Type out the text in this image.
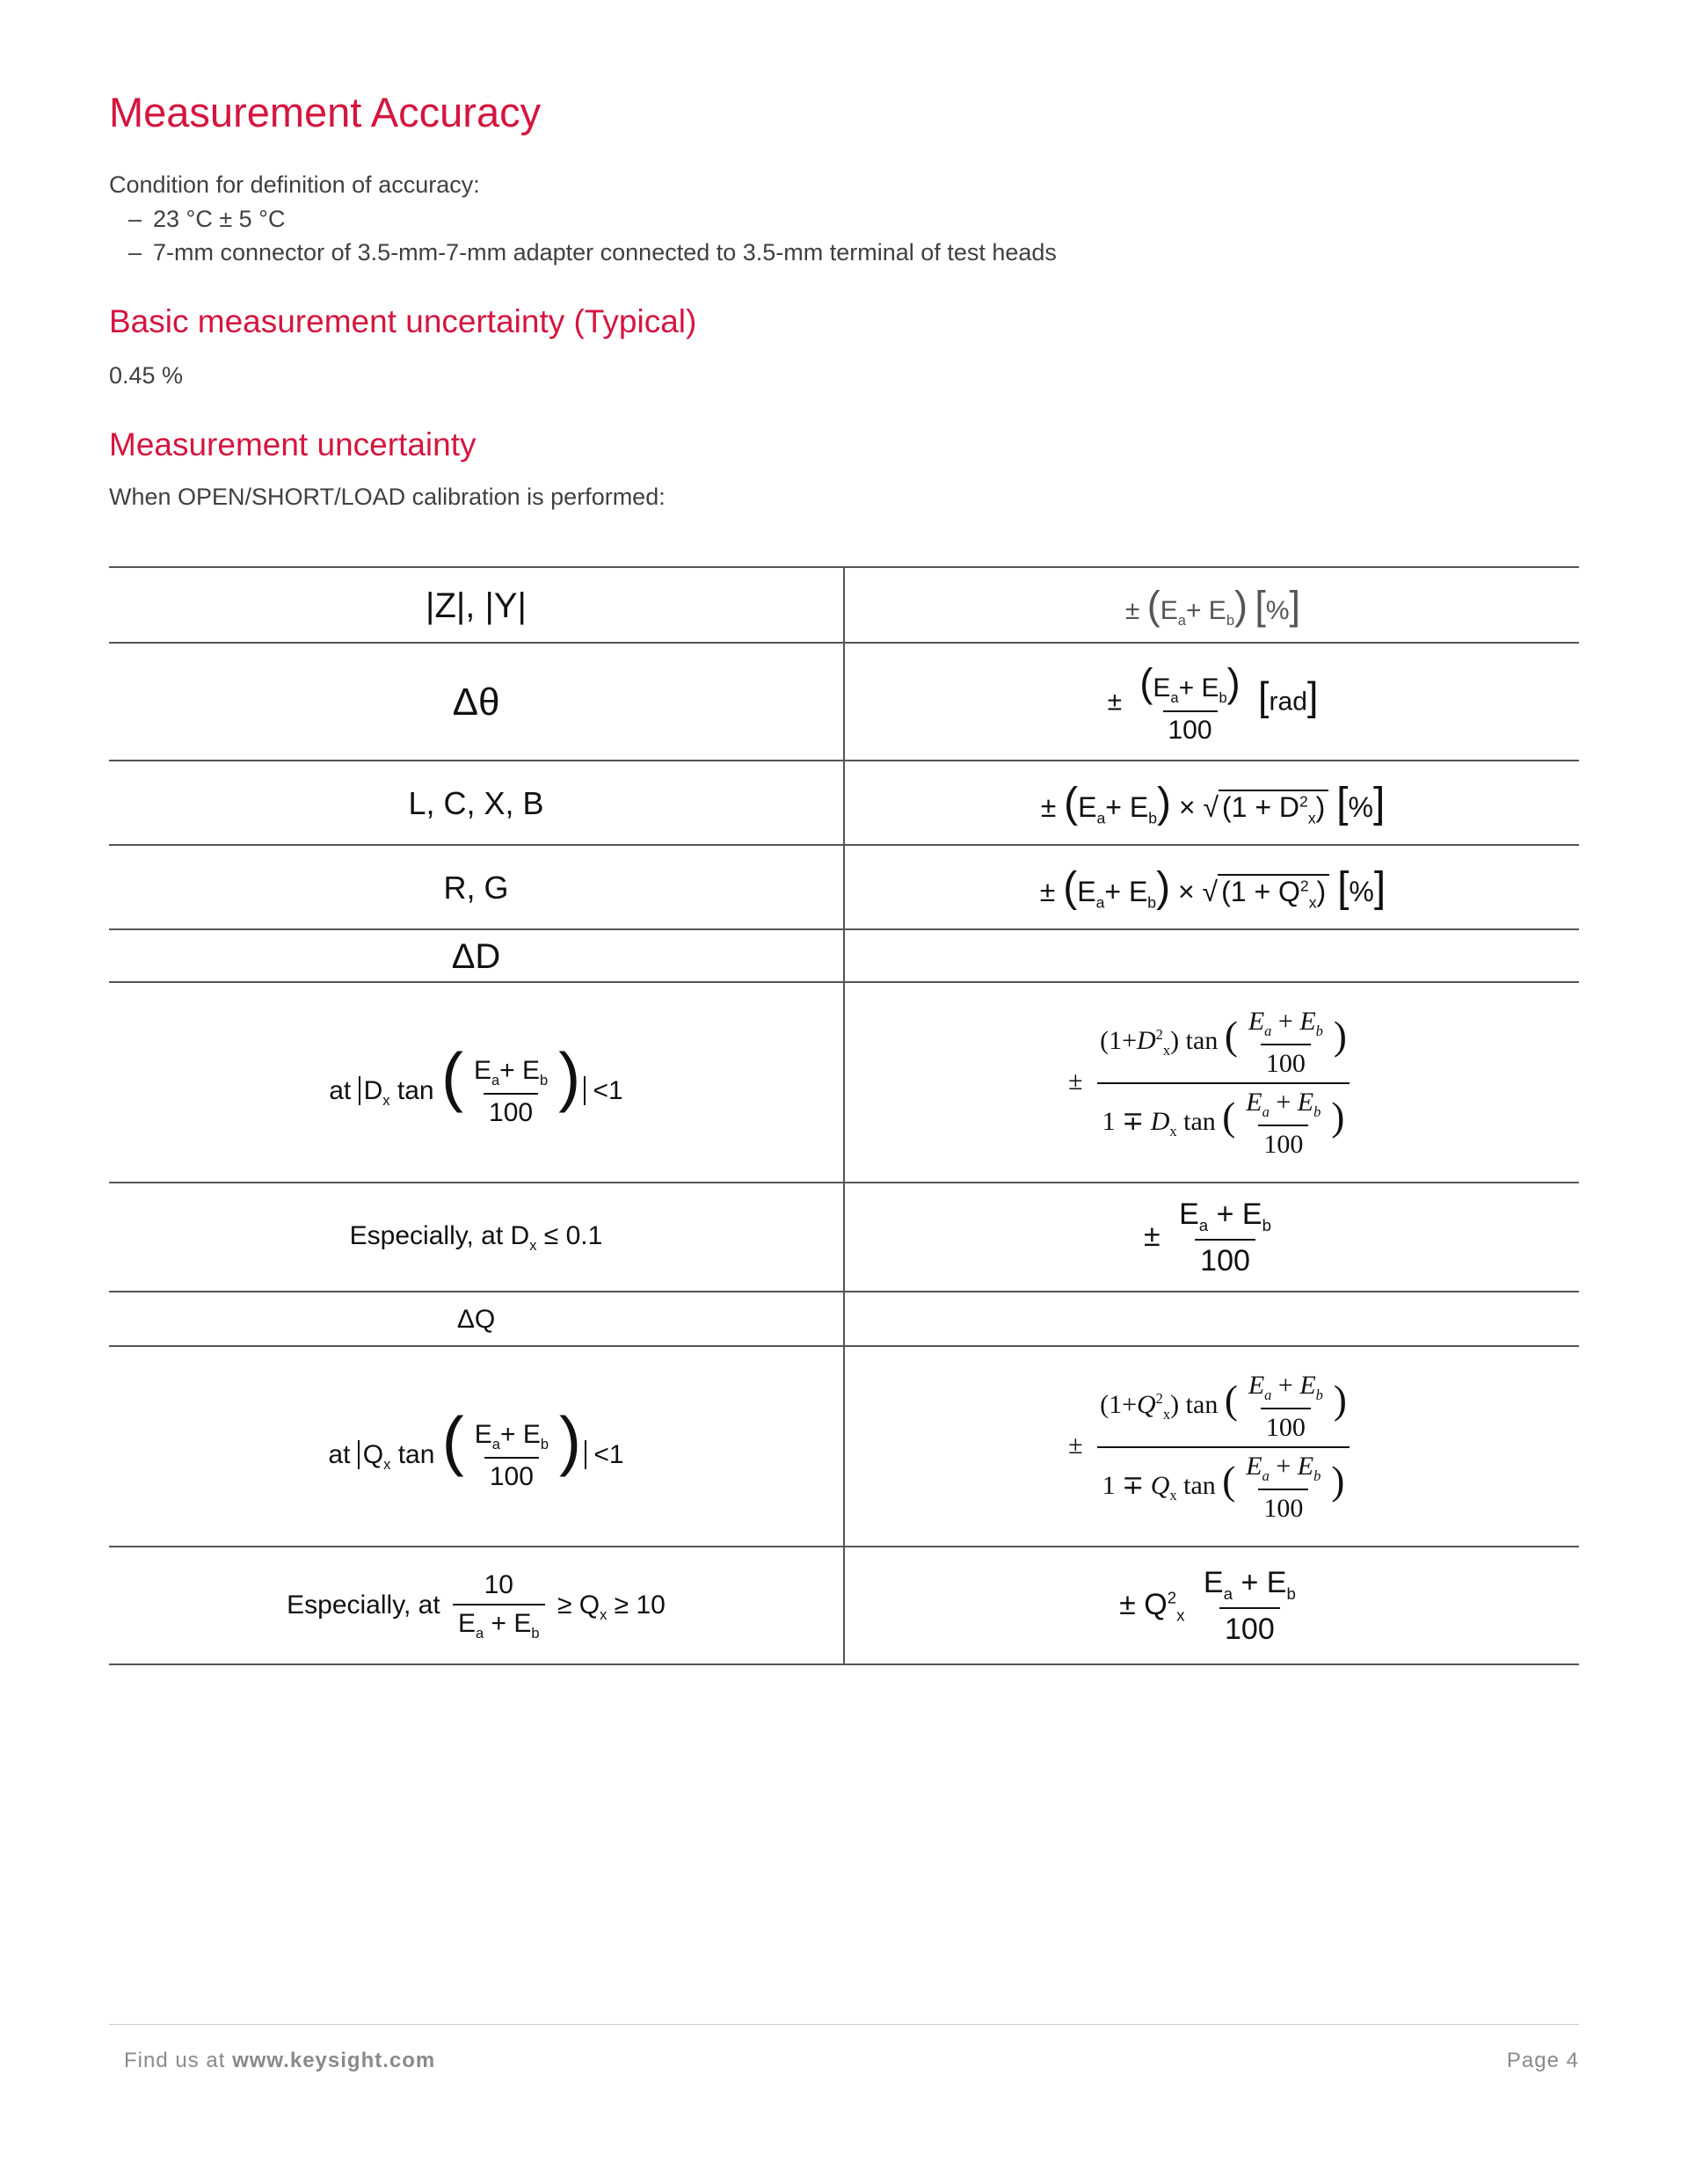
Measurement Accuracy

Condition for definition of accuracy:

– 23 °C ± 5 °C
– 7-mm connector of 3.5-mm-7-mm adapter connected to 3.5-mm terminal of test heads
Basic measurement uncertainty (Typical)

0.45 %

Measurement uncertainty

When OPEN/SHORT/LOAD calibration is performed:

|Z|, |Y|	± $(E_a+ E_b)$ [%]
Δθ	± $\frac{(E_a+ E_b)}{100} [rad]$
L, C, X, B	± $(E_a+ E_b)$ × √ $(1 + D^2_x)$ [%]
R, G	± $(E_a+ E_b)$ × √ $(1 + Q^2_x)$ [%]
ΔD
at $D_x$ tan ( $\frac{E_a+ E_b}{100}$ ) <1	± $\frac{(1+D^2_x) \tan ( \frac{E_a + E_b}{100} )}{1 \mp D_x \tan ( \frac{E_a + E_b}{100} )}$
Especially, at $D_x \le 0.1$	± $\frac{E_a + E_b}{100}$
ΔQ
at $Q_x$ tan ( $\frac{E_a+ E_b}{100}$ ) <1	± $\frac{(1+Q^2_x) \tan ( \frac{E_a + E_b}{100} )}{1 \mp Q_x \tan ( \frac{E_a + E_b}{100} )}$
Especially, at $\frac{10}{E_a + E_b} \ge Q_x \ge 10$	± $Q^2_x \frac{E_a + E_b}{100}$
Find us at www.keysight.com	Page 4
